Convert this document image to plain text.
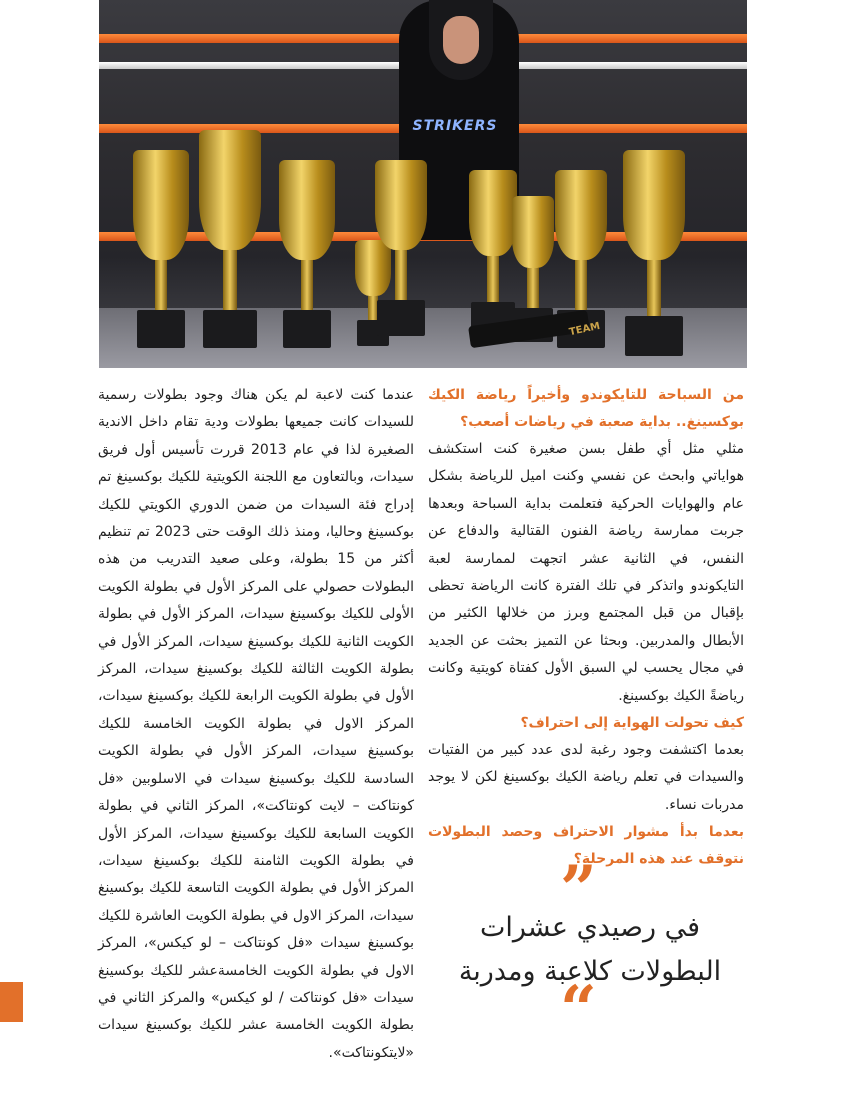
STRIKERS
TEAM

من السباحة للتايكوندو وأخيراً رياضة الكيك بوكسينغ.. بداية صعبة في رياضات أصعب؟

مثلي مثل أي طفل بسن صغيرة كنت استكشف هواياتي وابحث عن نفسي وكنت اميل للرياضة بشكل عام والهوايات الحركية فتعلمت بداية السباحة وبعدها جربت ممارسة رياضة الفنون القتالية والدفاع عن النفس، في الثانية عشر اتجهت لممارسة لعبة التايكوندو واتذكر في تلك الفترة كانت الرياضة تحظى بإقبال من قبل المجتمع وبرز من خلالها الكثير من الأبطال والمدربين. وبحثا عن التميز بحثت عن الجديد في مجال يحسب لي السبق الأول كفتاة كويتية وكانت رياضةً الكيك بوكسينغ.

كيف تحولت الهواية إلى احتراف؟

بعدما اكتشفت وجود رغبة لدى عدد كبير من الفتيات والسيدات في تعلم رياضة الكيك بوكسينغ لكن لا يوجد مدربات نساء.

بعدما بدأ مشوار الاحتراف وحصد البطولات نتوقف عند هذه المرحلة؟

”
في رصيدي عشرات البطولات كلاعبة ومدربة
“

عندما كنت لاعبة لم يكن هناك وجود بطولات رسمية للسيدات كانت جميعها بطولات ودية تقام داخل الاندية الصغيرة لذا في عام 2013 قررت تأسيس أول فريق سيدات، وبالتعاون مع اللجنة الكويتية للكيك بوكسينغ تم إدراج فئة السيدات من ضمن الدوري الكويتي للكيك بوكسينغ وحاليا، ومنذ ذلك الوقت حتى 2023 تم تنظيم أكثر من 15 بطولة، وعلى صعيد التدريب من هذه البطولات حصولي على المركز الأول في بطولة الكويت الأولى للكيك بوكسينغ سيدات، المركز الأول في بطولة الكويت الثانية للكيك بوكسينغ سيدات، المركز الأول في بطولة الكويت الثالثة للكيك بوكسينغ سيدات، المركز الأول في بطولة الكويت الرابعة للكيك بوكسينغ سيدات، المركز الاول في بطولة الكويت الخامسة للكيك بوكسينغ سيدات، المركز الأول في بطولة الكويت السادسة للكيك بوكسينغ سيدات في الاسلوبين «فل كونتاكت – لايت كونتاكت»، المركز الثاني في بطولة الكويت السابعة للكيك بوكسينغ سيدات، المركز الأول في بطولة الكويت الثامنة للكيك بوكسينغ سيدات، المركز الأول في بطولة الكويت التاسعة للكيك بوكسينغ سيدات، المركز الاول في بطولة الكويت العاشرة للكيك بوكسينغ سيدات «فل كونتاكت – لو كيكس»، المركز الاول في بطولة الكويت الخامسةعشر للكيك بوكسينغ سيدات «فل كونتاكت / لو كيكس» والمركز الثاني في بطولة الكويت الخامسة عشر للكيك بوكسينغ سيدات «لايتكونتاكت».
